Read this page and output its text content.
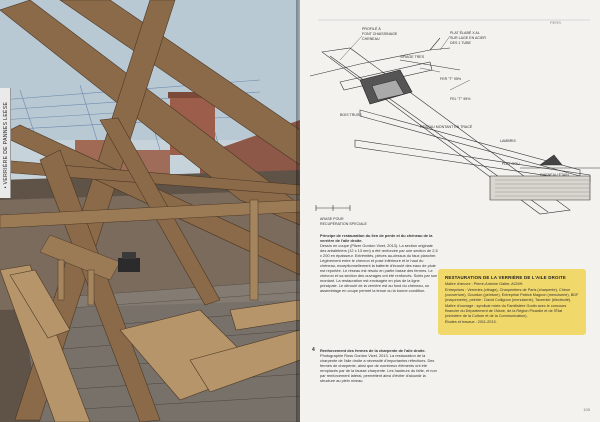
• VERRIÈRE DE PANNES LEÉSE
PROFILÉ À
FONT CHAISSINAGE
CHENEAU
PLAT ÉLABÉ X AL
SUR LAGE EN ACIER
DES 1 TUBE
VIRAGE TRES
FER "T" 95%
BOIS TRUSS
FEL "T" 95%
LAMBRIS
RÉSEAU MONTANT EN TRACÉ
FLAT GOU
CHENEAU ÉTAIN
ARASE POUR
RECUPÉRATION SPECIALE
Principe de restauration du lien de pente et du chéneau de la verrière de l'aile droite.
Dessin en coupe (Pitzer Gordon Vicet, 2013). La section originale des arbalétriers (12 x 13 mm) a été renforcée par une section de 2,5 x 200 en épaisseur. Extrémités, pièces au-dessus du faux plancher. Légèrement entre le chevron et posé inférieure et le haut du chéneau, exceptionnellement la batterie d'écoulé des eaux de pluie est reportée. Le réseau est résolu en partie basse des fermes. Le chevron et sa section des ouvrages ont été renforcés. Sciés par son montant. La restauration est envisagée en plus de la ligne principale. Le déroulé de la verrière est au fond du chéneau, un assemblage en coupe permet la tenue ou la bonne condition.
4 Renforcement des fermes de la charpente de l'aile droite.
Photographie Ross Gordon Vicet, 2013. La restauration de la charpente de l'aile droite a nécessité d'importantes réfections. Des fermes de charpente, ainsi que de nombreux éléments ont été remplacés par de la fausse charpente. Les hauteurs du faîte, et non par renforcement latéral, permettent ainsi d'éviter d'alourdir la structure au plein niveau.
PERS
105
RESTAURATION DE LA VERRIÈRE DE L'AILE DROITE

Maître d'œuvre : Pierre-Antoine Gatier, ACMH.

Entreprises : Verreries (vitrage), Charpentiers de Paris (charpente), Chiron (couverture), Gourdon (peinture), Entreprise Patrick Magnon (menuiserie), BDF (maçonnerie), peintre : David Collignon (menuiserie), Tavernier (électricité).

Maître d'ouvrage : syndicat mixte du Familistère Godin avec le concours financier du Département de l'Aisne, de la Région Picardie et de l'État (ministère de la Culture et de la Communication).

Études et travaux : 2011-2013.
